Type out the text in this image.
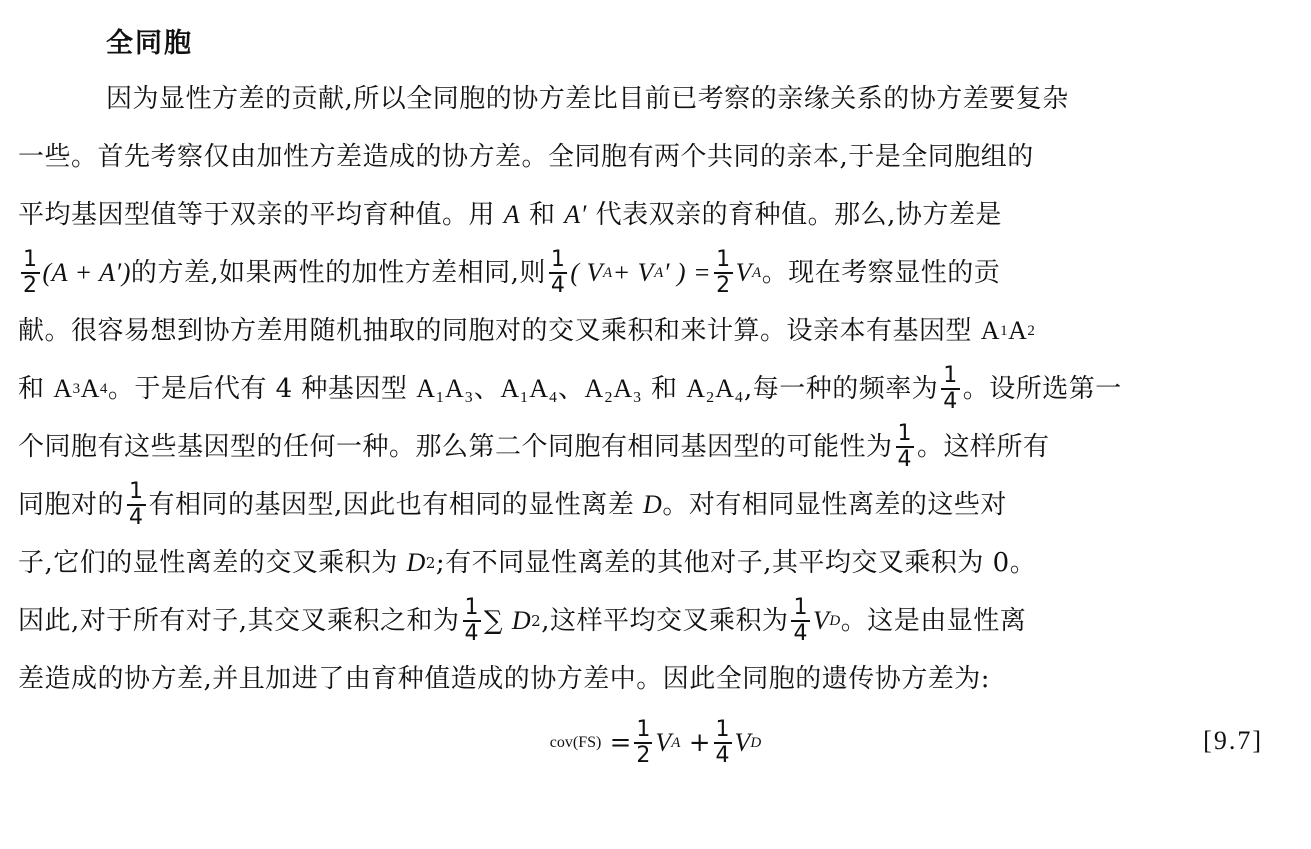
全同胞
因为显性方差的贡献,所以全同胞的协方差比目前已考察的亲缘关系的协方差要复杂
一些。首先考察仅由加性方差造成的协方差。全同胞有两个共同的亲本,于是全同胞组的
平均基因型值等于双亲的平均育种值。用
A
和
A′
代表双亲的育种值。那么,协方差是
$\frac{1}{2} (A + A')$ 的方差,如果两性的加性方差相同,则 $\frac{1}{4}$ ( V A + V A ′ ) = $\frac{1}{2}$ V A 。现在考察显性的贡
献。很容易想到协方差用随机抽取的同胞对的交叉乘积和来计算。设亲本有基因型
A 1 A 2
和
A 3 A 4 。于是后代有 4 种基因型
A₁A₃、A₁A₄、A₂A₃
和
A₂A₄ ,每一种的频率为 $\frac{1}{4}$ 。设所选第一
个同胞有这些基因型的任何一种。那么第二个同胞有相同基因型的可能性为 $\frac{1}{4}$ 。这样所有
同胞对的 $\frac{1}{4}$ 有相同的基因型,因此也有相同的显性离差
D 。对有相同显性离差的这些对
子,它们的显性离差的交叉乘积为
D 2 ;有不同显性离差的其他对子,其平均交叉乘积为 0。
因此,对于所有对子,其交叉乘积之和为 $\frac{1}{4}$ ∑
D 2 ,这样平均交叉乘积为 $\frac{1}{4}$ V D 。这是由显性离
差造成的协方差,并且加进了由育种值造成的协方差中。因此全同胞的遗传协方差为:
cov (FS)
= $\frac{1}{2}$ V A
+ $\frac{1}{4}$ V D	[9.7]
